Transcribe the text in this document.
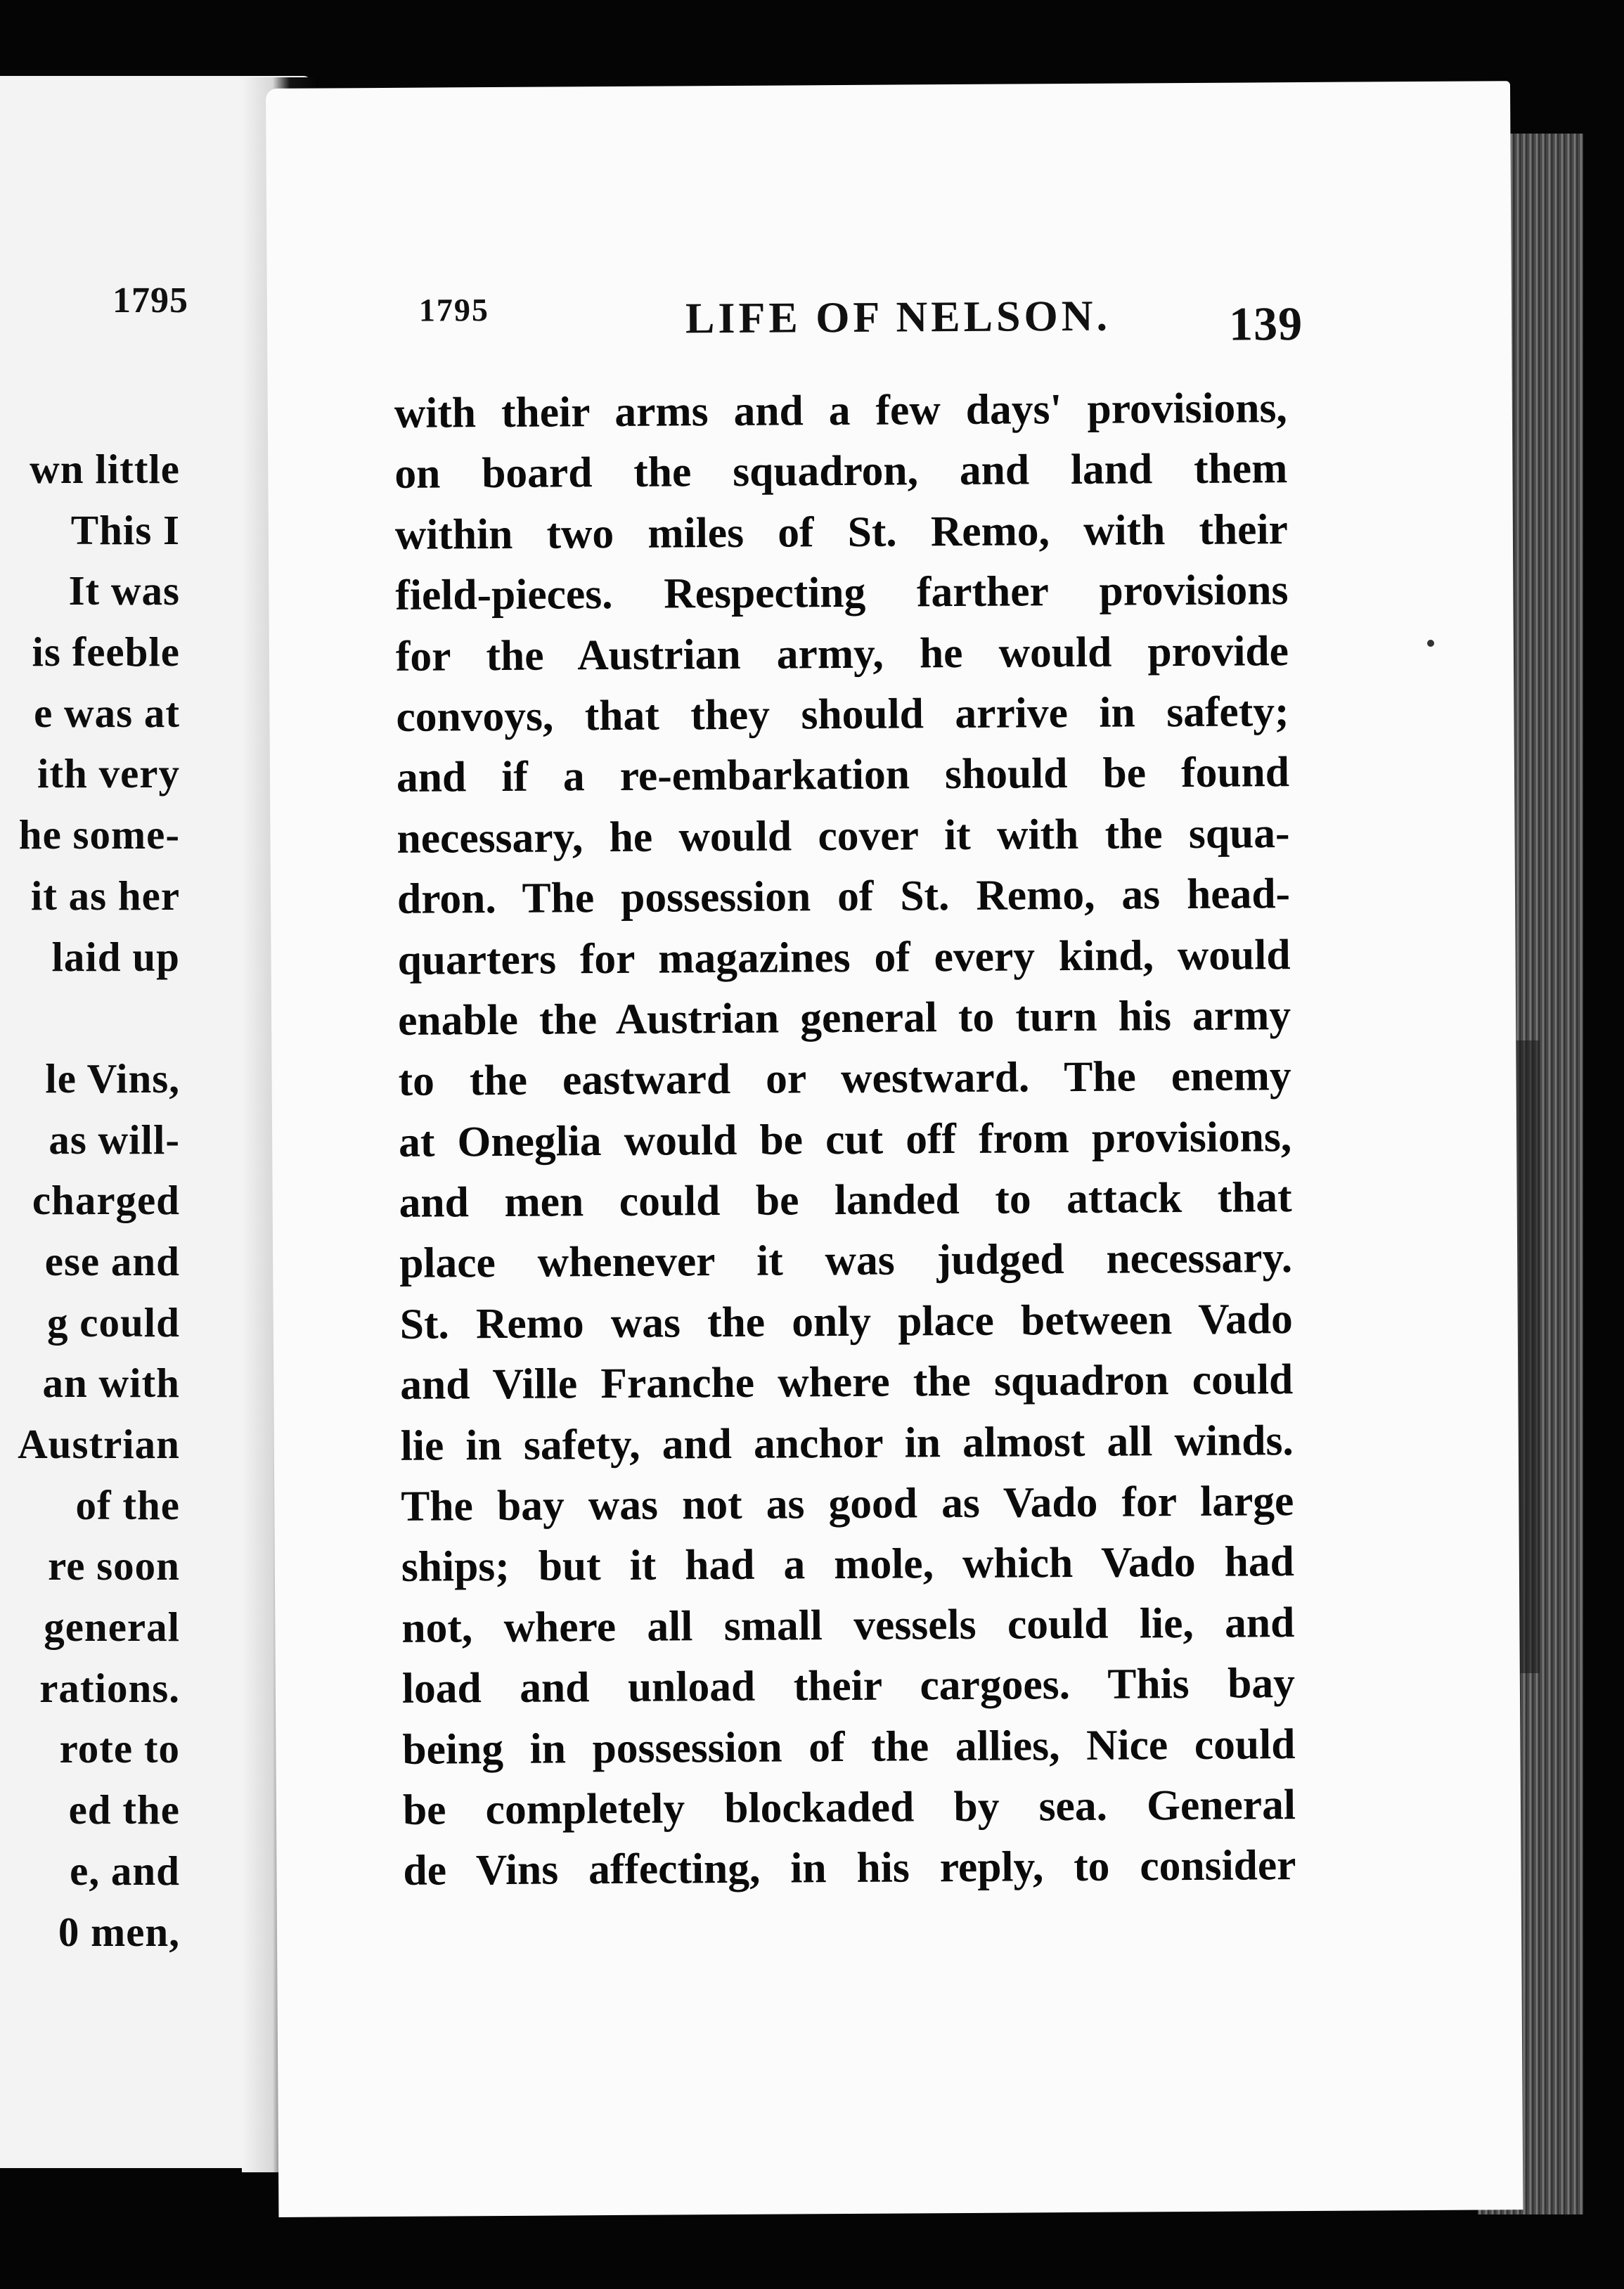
1795
wn little
This I
It was
is feeble
e was at
ith very
he some-
it as her
laid up
le Vins,
as will-
charged
ese and
g could
an with
Austrian
of the
re soon
general
rations.
rote to
ed the
e, and
0 men,
1795	LIFE OF NELSON. 139
with their arms and a few days' provisions,
on board the squadron, and land them
within two miles of St. Remo, with their
field-pieces. Respecting farther provisions
for the Austrian army, he would provide
convoys, that they should arrive in safety;
and if a re-embarkation should be found
necessary, he would cover it with the squa-
dron. The possession of St. Remo, as head-
quarters for magazines of every kind, would
enable the Austrian general to turn his army
to the eastward or westward. The enemy
at Oneglia would be cut off from provisions,
and men could be landed to attack that
place whenever it was judged necessary.
St. Remo was the only place between Vado
and Ville Franche where the squadron could
lie in safety, and anchor in almost all winds.
The bay was not as good as Vado for large
ships; but it had a mole, which Vado had
not, where all small vessels could lie, and
load and unload their cargoes. This bay
being in possession of the allies, Nice could
be completely blockaded by sea. General
de Vins affecting, in his reply, to consider
